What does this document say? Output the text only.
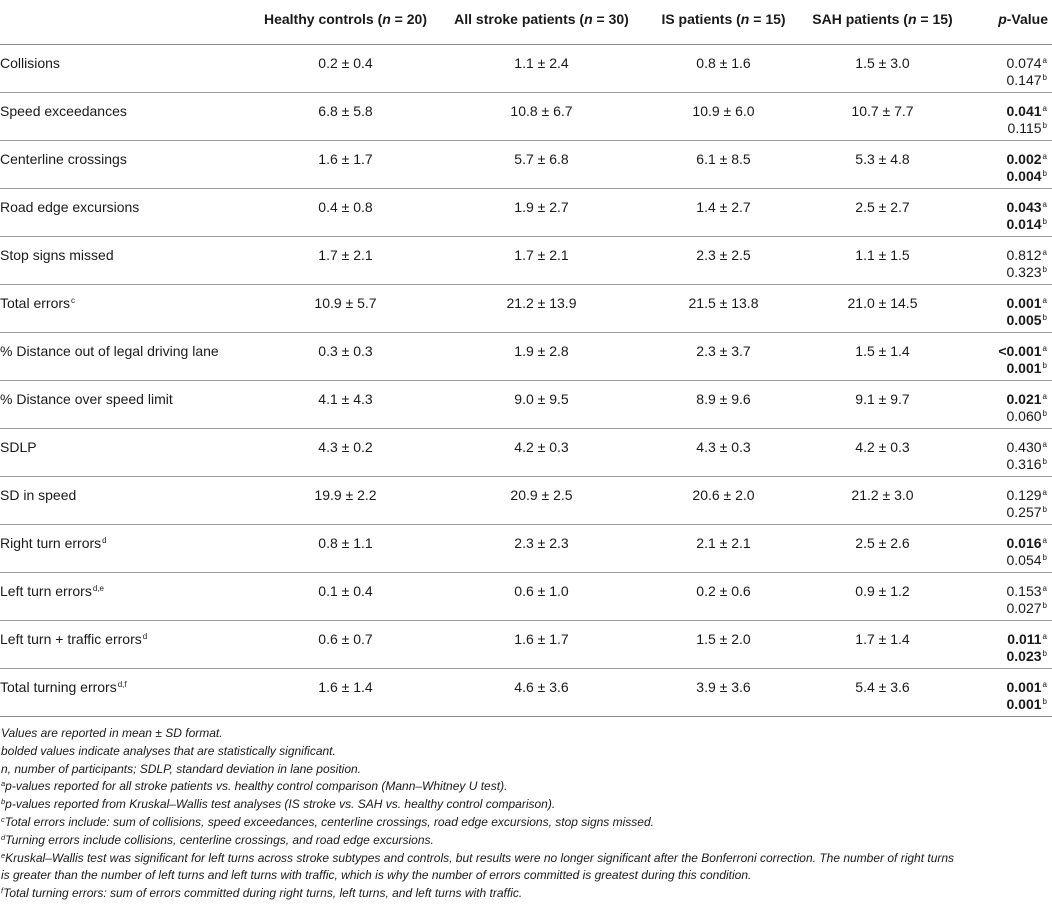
	Healthy controls (n = 20)	All stroke patients (n = 30)	IS patients (n = 15)	SAH patients (n = 15)	p-Value
Collisions	0.2 ± 0.4	1.1 ± 2.4	0.8 ± 1.6	1.5 ± 3.0	0.074$^a$
0.147$^b$

Speed exceedances	6.8 ± 5.8	10.8 ± 6.7	10.9 ± 6.0	10.7 ± 7.7	0.041$^a$
0.115$^b$

Centerline crossings	1.6 ± 1.7	5.7 ± 6.8	6.1 ± 8.5	5.3 ± 4.8	0.002$^a$
0.004$^b$

Road edge excursions	0.4 ± 0.8	1.9 ± 2.7	1.4 ± 2.7	2.5 ± 2.7	0.043$^a$
0.014$^b$

Stop signs missed	1.7 ± 2.1	1.7 ± 2.1	2.3 ± 2.5	1.1 ± 1.5	0.812$^a$
0.323$^b$

Total errors$^c$	10.9 ± 5.7	21.2 ± 13.9	21.5 ± 13.8	21.0 ± 14.5	0.001$^a$
0.005$^b$

% Distance out of legal driving lane	0.3 ± 0.3	1.9 ± 2.8	2.3 ± 3.7	1.5 ± 1.4	<0.001$^a$
0.001$^b$

% Distance over speed limit	4.1 ± 4.3	9.0 ± 9.5	8.9 ± 9.6	9.1 ± 9.7	0.021$^a$
0.060$^b$

SDLP	4.3 ± 0.2	4.2 ± 0.3	4.3 ± 0.3	4.2 ± 0.3	0.430$^a$
0.316$^b$

SD in speed	19.9 ± 2.2	20.9 ± 2.5	20.6 ± 2.0	21.2 ± 3.0	0.129$^a$
0.257$^b$

Right turn errors$^d$	0.8 ± 1.1	2.3 ± 2.3	2.1 ± 2.1	2.5 ± 2.6	0.016$^a$
0.054$^b$

Left turn errors$^{d,e}$	0.1 ± 0.4	0.6 ± 1.0	0.2 ± 0.6	0.9 ± 1.2	0.153$^a$
0.027$^b$

Left turn + traffic errors$^d$	0.6 ± 0.7	1.6 ± 1.7	1.5 ± 2.0	1.7 ± 1.4	0.011$^a$
0.023$^b$

Total turning errors$^{d,f}$	1.6 ± 1.4	4.6 ± 3.6	3.9 ± 3.6	5.4 ± 3.6	0.001$^a$
0.001$^b$

Values are reported in mean ± SD format.

bolded values indicate analyses that are statistically significant.

n, number of participants; SDLP, standard deviation in lane position.

$^a$p-values reported for all stroke patients vs. healthy control comparison (Mann–Whitney U test).

$^b$p-values reported from Kruskal–Wallis test analyses (IS stroke vs. SAH vs. healthy control comparison).

$^c$Total errors include: sum of collisions, speed exceedances, centerline crossings, road edge excursions, stop signs missed.

$^d$Turning errors include collisions, centerline crossings, and road edge excursions.

$^e$Kruskal–Wallis test was significant for left turns across stroke subtypes and controls, but results were no longer significant after the Bonferroni correction. The number of right turns
is greater than the number of left turns and left turns with traffic, which is why the number of errors committed is greatest during this condition.

$^f$Total turning errors: sum of errors committed during right turns, left turns, and left turns with traffic.
